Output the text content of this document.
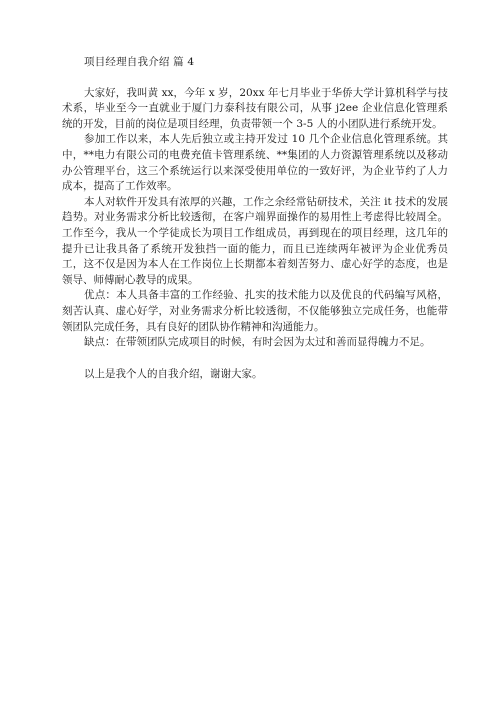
项目经理自我介绍 篇 4

大家好，我叫黄 xx，今年 x 岁，20xx 年七月毕业于华侨大学计算机科学与技术系，毕业至今一直就业于厦门力泰科技有限公司，从事 j2ee 企业信息化管理系统的开发，目前的岗位是项目经理，负责带领一个 3-5 人的小团队进行系统开发。

参加工作以来，本人先后独立或主持开发过 10 几个企业信息化管理系统。其中，**电力有限公司的电费充值卡管理系统、**集团的人力资源管理系统以及移动办公管理平台，这三个系统运行以来深受使用单位的一致好评，为企业节约了人力成本，提高了工作效率。

本人对软件开发具有浓厚的兴趣，工作之余经常钻研技术，关注 it 技术的发展趋势。对业务需求分析比较透彻，在客户端界面操作的易用性上考虑得比较周全。工作至今，我从一个学徒成长为项目工作组成员，再到现在的项目经理，这几年的提升已让我具备了系统开发独挡一面的能力，而且已连续两年被评为企业优秀员工，这不仅是因为本人在工作岗位上长期都本着刻苦努力、虚心好学的态度，也是领导、师傅耐心教导的成果。

优点：本人具备丰富的工作经验、扎实的技术能力以及优良的代码编写风格，刻苦认真、虚心好学，对业务需求分析比较透彻，不仅能够独立完成任务，也能带领团队完成任务，具有良好的团队协作精神和沟通能力。

缺点：在带领团队完成项目的时候，有时会因为太过和善而显得魄力不足。

以上是我个人的自我介绍，谢谢大家。
